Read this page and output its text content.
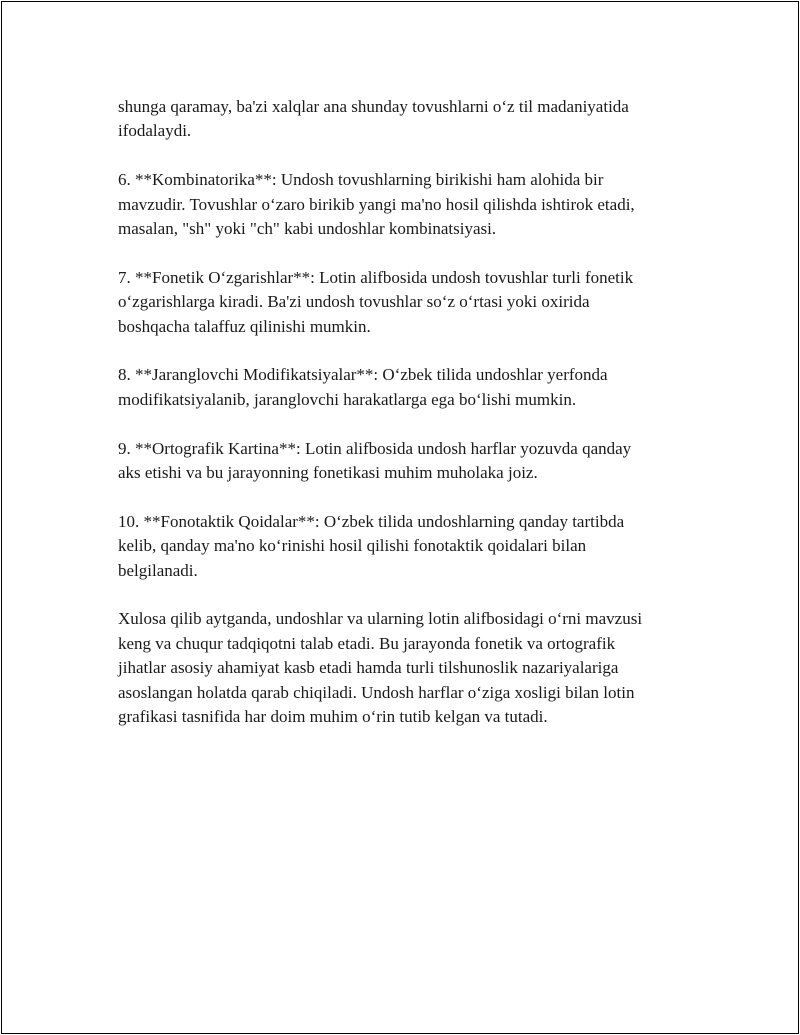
shunga qaramay, ba'zi xalqlar ana shunday tovushlarni o‘z til madaniyatida
ifodalaydi.

6. **Kombinatorika**: Undosh tovushlarning birikishi ham alohida bir
mavzudir. Tovushlar o‘zaro birikib yangi ma'no hosil qilishda ishtirok etadi,
masalan, "sh" yoki "ch" kabi undoshlar kombinatsiyasi.

7. **Fonetik O‘zgarishlar**: Lotin alifbosida undosh tovushlar turli fonetik
o‘zgarishlarga kiradi. Ba'zi undosh tovushlar so‘z o‘rtasi yoki oxirida
boshqacha talaffuz qilinishi mumkin.

8. **Jaranglovchi Modifikatsiyalar**: O‘zbek tilida undoshlar yerfonda
modifikatsiyalanib, jaranglovchi harakatlarga ega bo‘lishi mumkin.

9. **Ortografik Kartina**: Lotin alifbosida undosh harflar yozuvda qanday
aks etishi va bu jarayonning fonetikasi muhim muholaka joiz.

10. **Fonotaktik Qoidalar**: O‘zbek tilida undoshlarning qanday tartibda
kelib, qanday ma'no ko‘rinishi hosil qilishi fonotaktik qoidalari bilan
belgilanadi.

Xulosa qilib aytganda, undoshlar va ularning lotin alifbosidagi o‘rni mavzusi
keng va chuqur tadqiqotni talab etadi. Bu jarayonda fonetik va ortografik
jihatlar asosiy ahamiyat kasb etadi hamda turli tilshunoslik nazariyalariga
asoslangan holatda qarab chiqiladi. Undosh harflar o‘ziga xosligi bilan lotin
grafikasi tasnifida har doim muhim o‘rin tutib kelgan va tutadi.
